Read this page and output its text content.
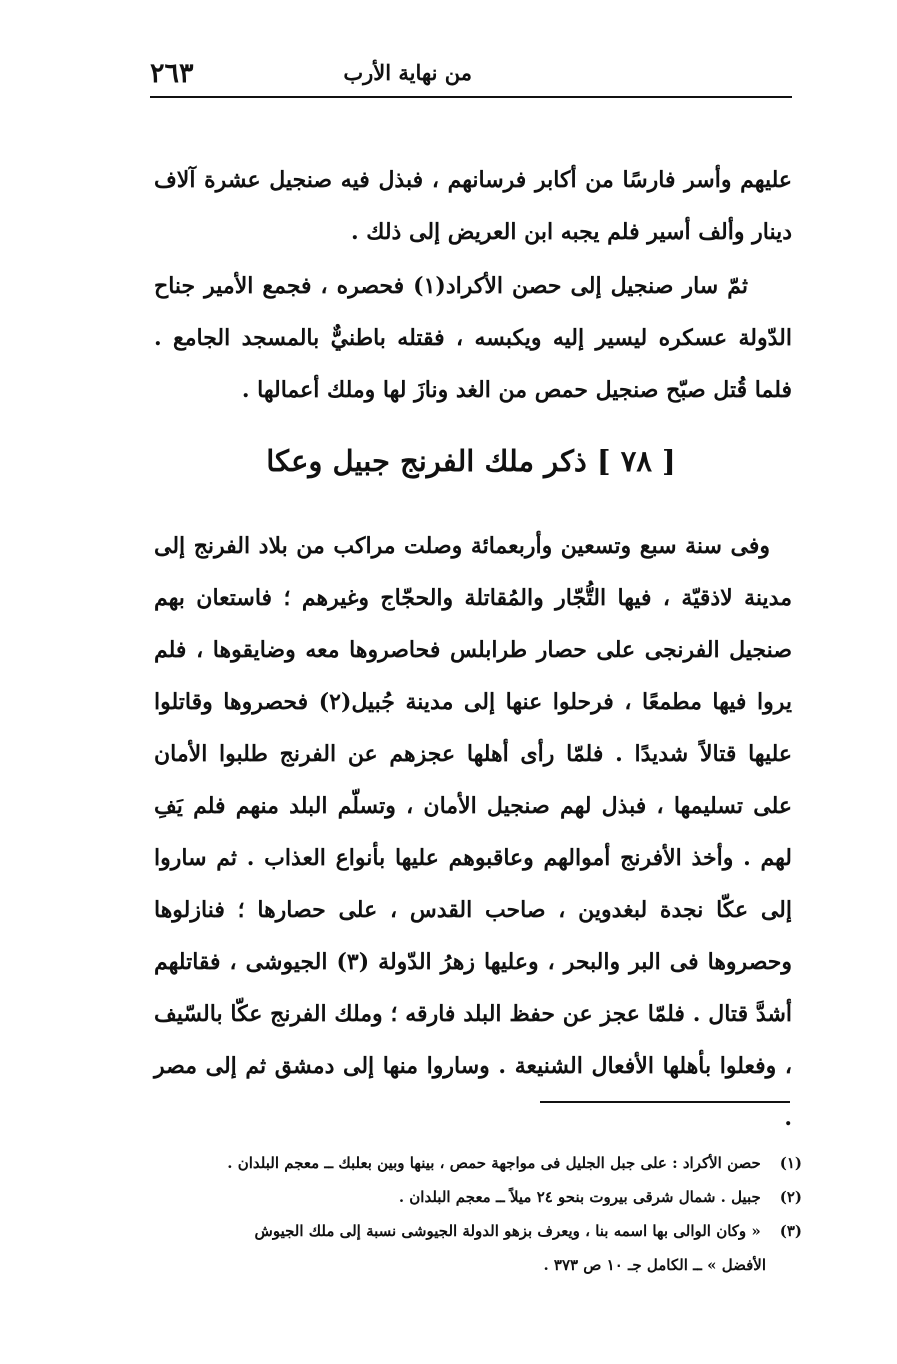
٢٦٣	من نهاية الأرب

عليهم وأسر فارسًا من أكابر فرسانهم ، فبذل فيه صنجيل عشرة آلاف دينار وألف أسير فلم يجبه ابن العريض إلى ذلك .

ثمّ سار صنجيل إلى حصن الأكراد(١) فحصره ، فجمع الأمير جناح الدّولة عسكره ليسير إليه ويكبسه ، فقتله باطنيٌّ بالمسجد الجامع . فلما قُتل صبّح صنجيل حمص من الغد ونازَ لها وملك أعمالها .

[ ٧٨ ] ذكر ملك الفرنج جبيل وعكا

وفى سنة سبع وتسعين وأربعمائة وصلت مراكب من بلاد الفرنج إلى مدينة لاذقيّة ، فيها التُّجّار والمُقاتلة والحجّاج وغيرهم ؛ فاستعان بهم صنجيل الفرنجى على حصار طرابلس فحاصروها معه وضايقوها ، فلم يروا فيها مطمعًا ، فرحلوا عنها إلى مدينة جُبيل(٢) فحصروها وقاتلوا عليها قتالاً شديدًا . فلمّا رأى أهلها عجزهم عن الفرنج طلبوا الأمان على تسليمها ، فبذل لهم صنجيل الأمان ، وتسلّم البلد منهم فلم يَفِ لهم . وأخذ الأفرنج أموالهم وعاقبوهم عليها بأنواع العذاب . ثم ساروا إلى عكّا نجدة لبغدوين ، صاحب القدس ، على حصارها ؛ فنازلوها وحصروها فى البر والبحر ، وعليها زهرُ الدّولة (٣) الجيوشى ، فقاتلهم أشدَّ قتال . فلمّا عجز عن حفظ البلد فارقه ؛ وملك الفرنج عكّا بالسّيف ، وفعلوا بأهلها الأفعال الشنيعة . وساروا منها إلى دمشق ثم إلى مصر .

(١) حصن الأكراد : على جبل الجليل فى مواجهة حمص ، بينها وبين بعلبك ــ معجم البلدان .
(٢) جبيل . شمال شرقى بيروت بنحو ٢٤ ميلاً ــ معجم البلدان .
(٣) « وكان الوالى بها اسمه بنا ، ويعرف بزهو الدولة الجيوشى نسبة إلى ملك الجيوش
الأفضل » ــ الكامل جـ ١٠ ص ٣٧٣ .
